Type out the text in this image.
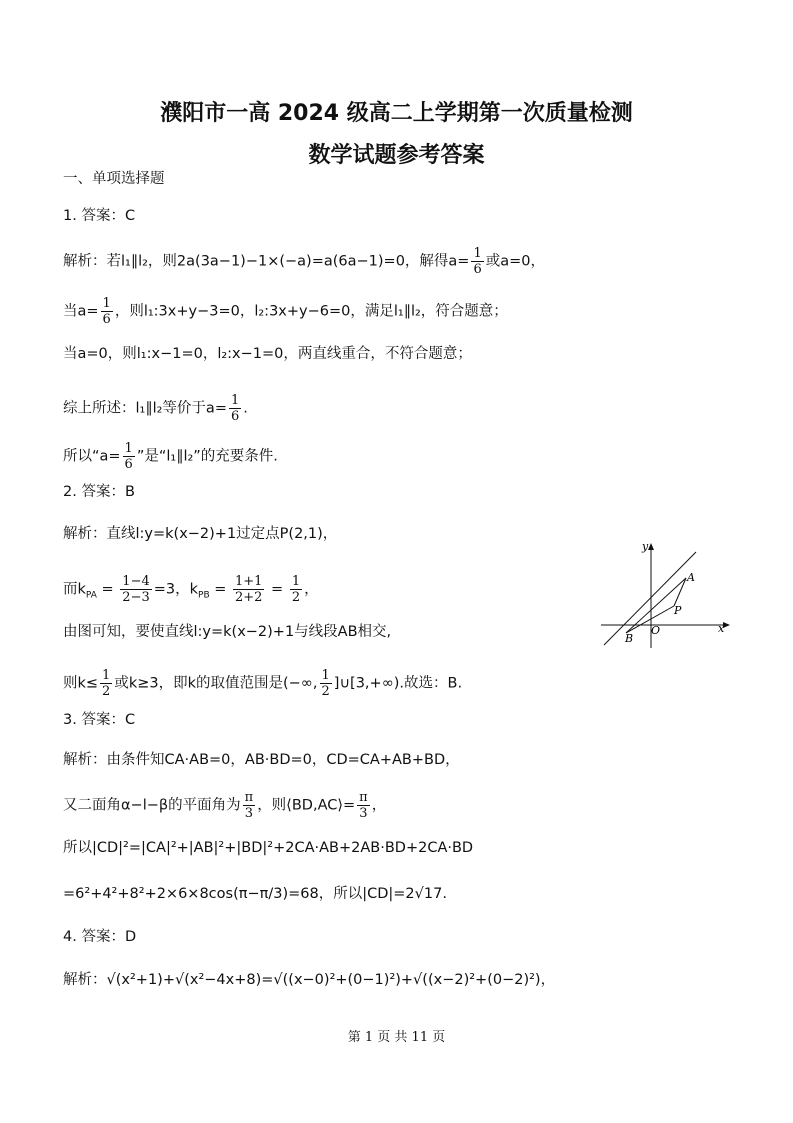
濮阳市一高 2024 级高二上学期第一次质量检测
数学试题参考答案
一、单项选择题
1. 答案：C
解析：若l₁∥l₂，则2a(3a−1)−1×(−a)=a(6a−1)=0，解得$a= \frac{1}{6}$ 或a=0，
当$a= \frac{1}{6}$ ，则l₁:3x+y−3=0，l₂:3x+y−6=0，满足l₁∥l₂，符合题意；
当a=0，则l₁:x−1=0，l₂:x−1=0，两直线重合，不符合题意；
综上所述：l₁∥l₂等价于$a= \frac{1}{6}$ .
所以“$a= \frac{1}{6}$ ”是“l₁∥l₂”的充要条件.
2. 答案：B
解析：直线l:y=k(x−2)+1过定点P(2,1)，
而$k_{PA} = \frac{1-4}{2-3} =3$，$k_{PB} = \frac{1+1}{2+2} = \frac{1}{2}$ ，
由图可知，要使直线l:y=k(x−2)+1与线段AB相交,
则$k\le \frac{1}{2}$ 或k≥3，即k的取值范围是(−∞, $\frac{1}{2}$ ]∪[3,+∞).故选：B.
y
x
A
P
O
B
3. 答案：C
解析：由条件知CA·AB=0，AB·BD=0，CD=CA+AB+BD，
又二面角α−l−β的平面角为 $\frac{\pi}{3}$ ，则⟨BD,AC⟩= $\frac{\pi}{3}$ ，
所以|CD|²=|CA|²+|AB|²+|BD|²+2CA·AB+2AB·BD+2CA·BD
=6²+4²+8²+2×6×8cos(π−π/3)=68，所以|CD|=2√17.
4. 答案：D
解析：√(x²+1)+√(x²−4x+8)=√((x−0)²+(0−1)²)+√((x−2)²+(0−2)²)，
第 1 页 共 11 页
